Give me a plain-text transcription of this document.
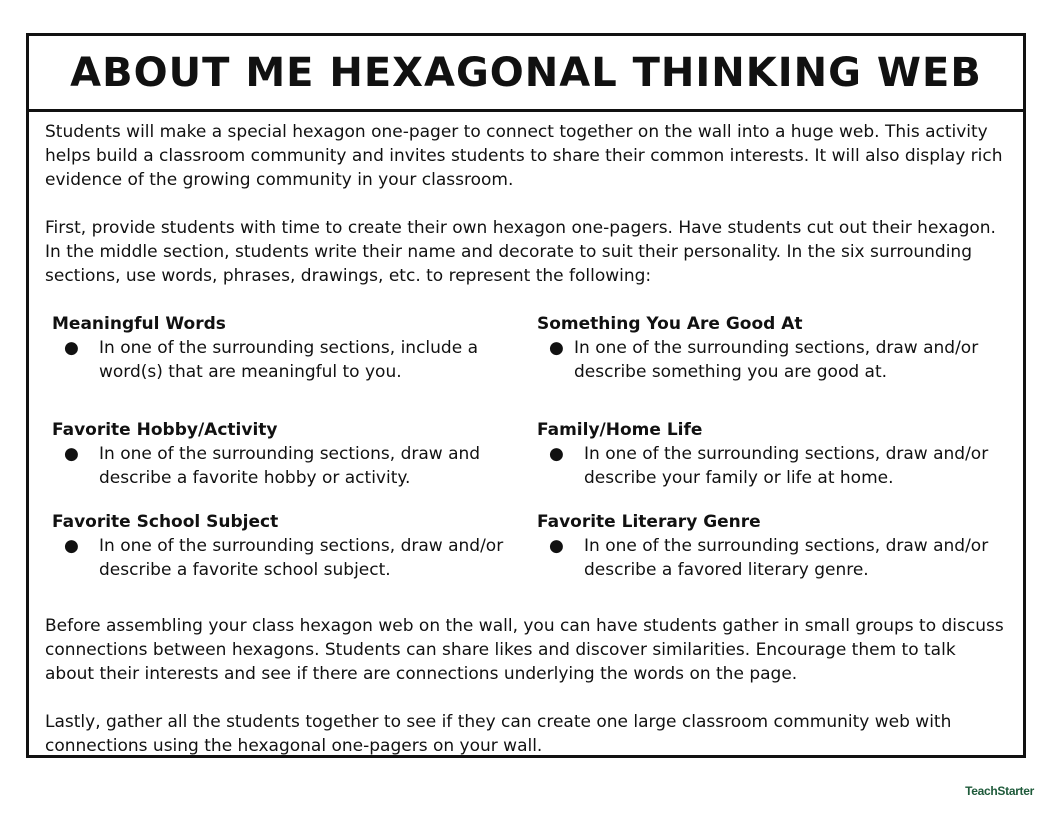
ABOUT ME HEXAGONAL THINKING WEB

Students will make a special hexagon one-pager to connect together on the wall into a huge web. This activity helps build a classroom community and invites students to share their common interests. It will also display rich evidence of the growing community in your classroom.

First, provide students with time to create their own hexagon one-pagers. Have students cut out their hexagon. In the middle section, students write their name and decorate to suit their personality. In the six surrounding sections, use words, phrases, drawings, etc. to represent the following:

Meaningful Words

● In one of the surrounding sections, include a word(s) that are meaningful to you.

Something You Are Good At

● In one of the surrounding sections, draw and/or describe something you are good at.

Favorite Hobby/Activity

● In one of the surrounding sections, draw and describe a favorite hobby or activity.

Family/Home Life

● In one of the surrounding sections, draw and/or describe your family or life at home.

Favorite School Subject

● In one of the surrounding sections, draw and/or describe a favorite school subject.

Favorite Literary Genre

● In one of the surrounding sections, draw and/or describe a favored literary genre.

Before assembling your class hexagon web on the wall, you can have students gather in small groups to discuss connections between hexagons. Students can share likes and discover similarities. Encourage them to talk about their interests and see if there are connections underlying the words on the page.

Lastly, gather all the students together to see if they can create one large classroom community web with connections using the hexagonal one-pagers on your wall.

TeachStarter
